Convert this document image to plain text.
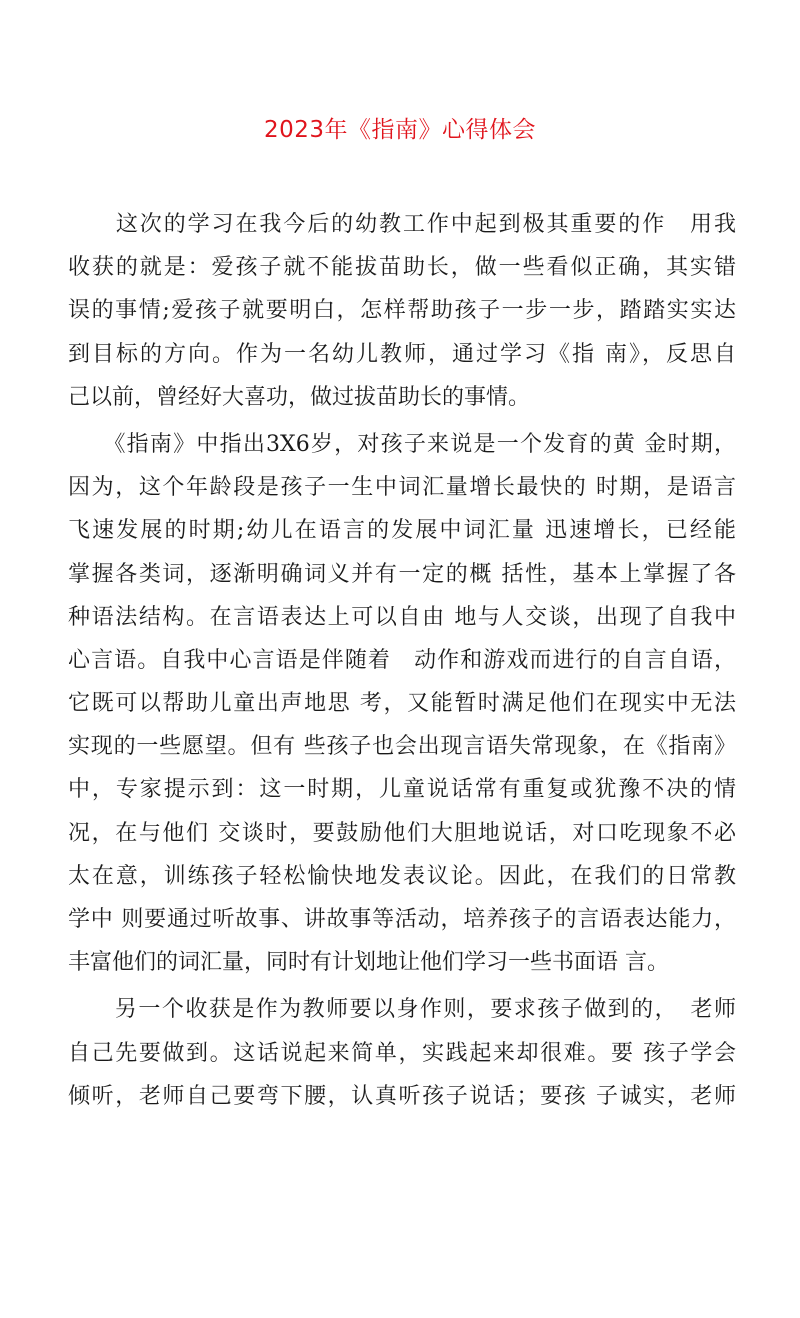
2023年《指南》心得体会
　　这次的学习在我今后的幼教工作中起到极其重要的作　用我
收获的就是：爱孩子就不能拔苗助长，做一些看似正确，其实错
误的事情;爱孩子就要明白，怎样帮助孩子一步一步，踏踏实实达
到目标的方向。作为一名幼儿教师，通过学习《指 南》，反思自
己以前，曾经好大喜功，做过拔苗助长的事情。
　　《指南》中指出3X6岁，对孩子来说是一个发育的黄 金时期，
因为，这个年龄段是孩子一生中词汇量增长最快的 时期，是语言
飞速发展的时期;幼儿在语言的发展中词汇量 迅速增长，已经能
掌握各类词，逐渐明确词义并有一定的概 括性，基本上掌握了各
种语法结构。在言语表达上可以自由 地与人交谈，出现了自我中
心言语。自我中心言语是伴随着　动作和游戏而进行的自言自语，
它既可以帮助儿童出声地思 考，又能暂时满足他们在现实中无法
实现的一些愿望。但有 些孩子也会出现言语失常现象，在《指南》
中，专家提示到：这一时期，儿童说话常有重复或犹豫不决的情
况，在与他们 交谈时，要鼓励他们大胆地说话，对口吃现象不必
太在意，训练孩子轻松愉快地发表议论。因此，在我们的日常教
学中 则要通过听故事、讲故事等活动，培养孩子的言语表达能力，
丰富他们的词汇量，同时有计划地让他们学习一些书面语 言。
　　另一个收获是作为教师要以身作则，要求孩子做到的，　老师
自己先要做到。这话说起来简单，实践起来却很难。要 孩子学会
倾听，老师自己要弯下腰，认真听孩子说话；要孩 子诚实，老师
